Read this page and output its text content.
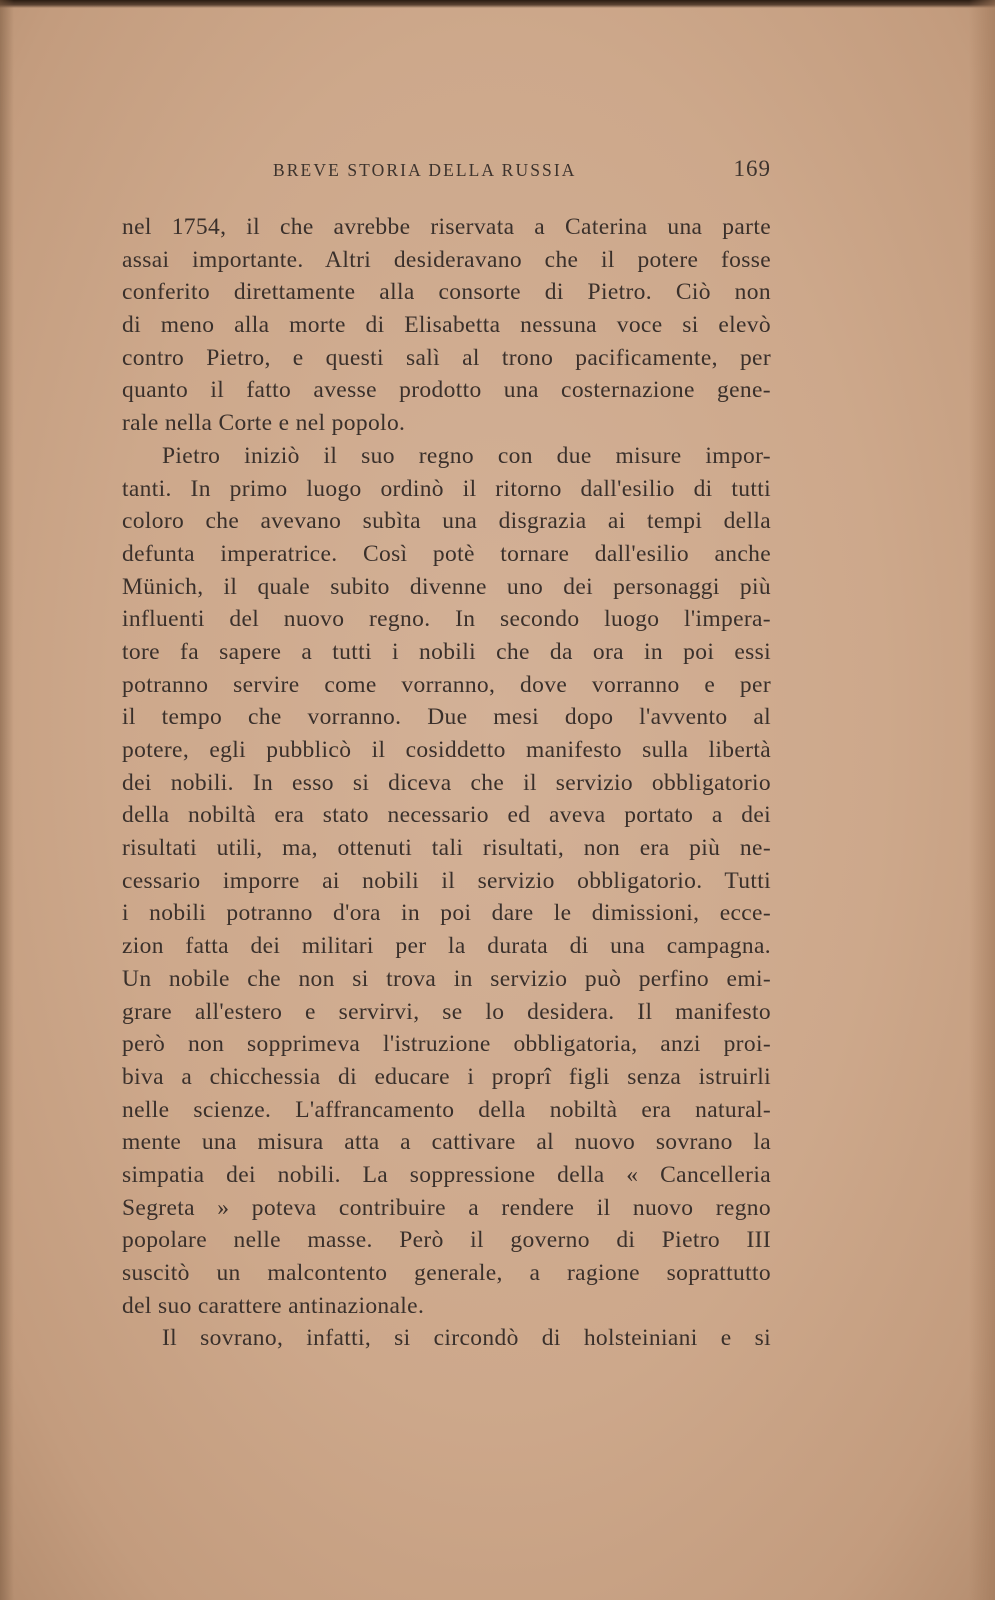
BREVE STORIA DELLA RUSSIA	169
nel 1754, il che avrebbe riservata a Caterina una parte
assai importante. Altri desideravano che il potere fosse
conferito direttamente alla consorte di Pietro. Ciò non
di meno alla morte di Elisabetta nessuna voce si elevò
contro Pietro, e questi salì al trono pacificamente, per
quanto il fatto avesse prodotto una costernazione gene-
rale nella Corte e nel popolo.
Pietro iniziò il suo regno con due misure impor-
tanti. In primo luogo ordinò il ritorno dall'esilio di tutti
coloro che avevano subìta una disgrazia ai tempi della
defunta imperatrice. Così potè tornare dall'esilio anche
Münich, il quale subito divenne uno dei personaggi più
influenti del nuovo regno. In secondo luogo l'impera-
tore fa sapere a tutti i nobili che da ora in poi essi
potranno servire come vorranno, dove vorranno e per
il tempo che vorranno. Due mesi dopo l'avvento al
potere, egli pubblicò il cosiddetto manifesto sulla libertà
dei nobili. In esso si diceva che il servizio obbligatorio
della nobiltà era stato necessario ed aveva portato a dei
risultati utili, ma, ottenuti tali risultati, non era più ne-
cessario imporre ai nobili il servizio obbligatorio. Tutti
i nobili potranno d'ora in poi dare le dimissioni, ecce-
zion fatta dei militari per la durata di una campagna.
Un nobile che non si trova in servizio può perfino emi-
grare all'estero e servirvi, se lo desidera. Il manifesto
però non sopprimeva l'istruzione obbligatoria, anzi proi-
biva a chicchessia di educare i proprî figli senza istruirli
nelle scienze. L'affrancamento della nobiltà era natural-
mente una misura atta a cattivare al nuovo sovrano la
simpatia dei nobili. La soppressione della « Cancelleria
Segreta » poteva contribuire a rendere il nuovo regno
popolare nelle masse. Però il governo di Pietro III
suscitò un malcontento generale, a ragione soprattutto
del suo carattere antinazionale.
Il sovrano, infatti, si circondò di holsteiniani e si
